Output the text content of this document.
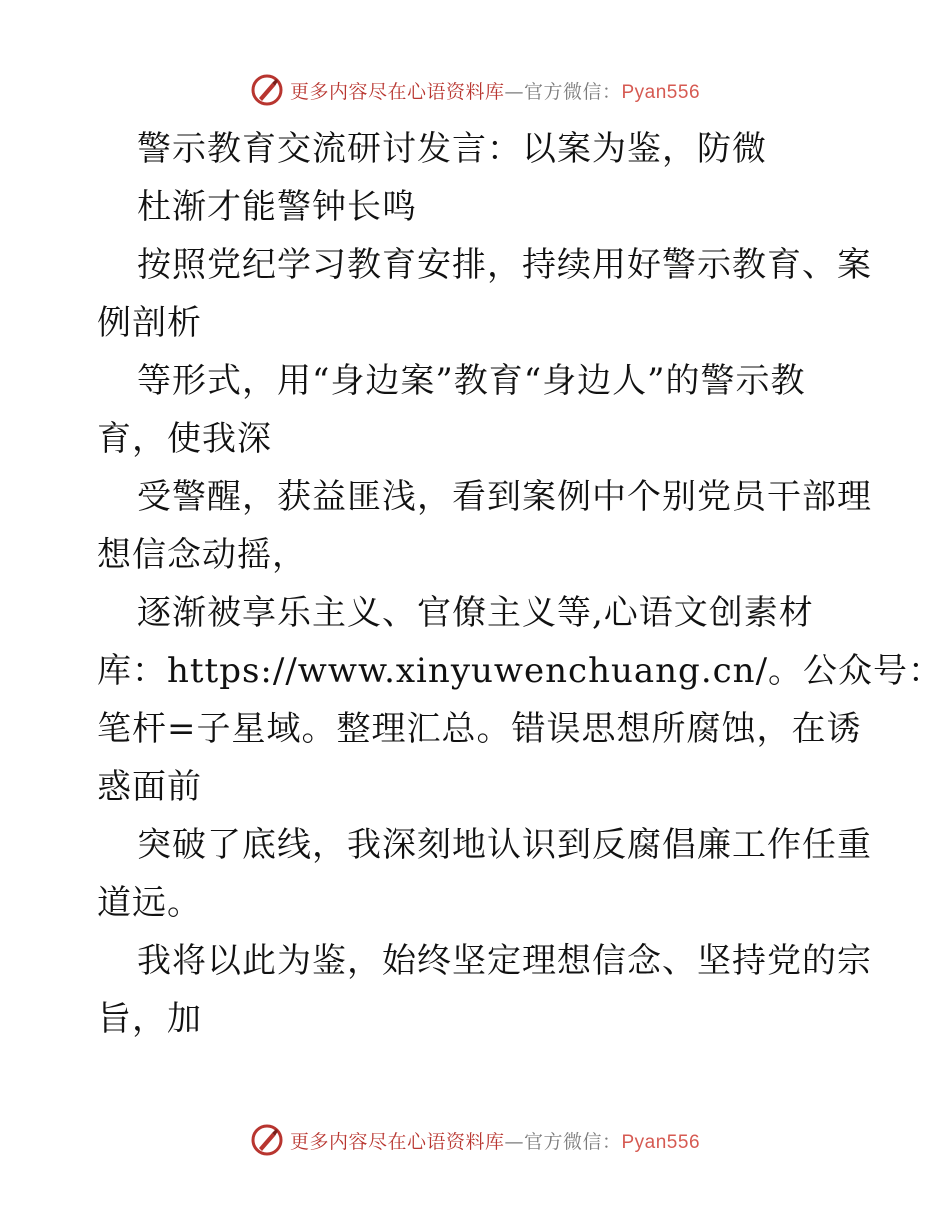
更多内容尽在心语资料库—官方微信：Pyan556
警示教育交流研讨发言：以案为鉴，防微
杜渐才能警钟长鸣
按照党纪学习教育安排，持续用好警示教育、案
例剖析
等形式，用“身边案”教育“身边人”的警示教
育，使我深
受警醒，获益匪浅，看到案例中个别党员干部理
想信念动摇，
逐渐被享乐主义、官僚主义等,心语文创素材
库：https://www.xinyuwenchuang.cn/。公众号：
笔杆=子星域。整理汇总。错误思想所腐蚀，在诱
惑面前
突破了底线，我深刻地认识到反腐倡廉工作任重
道远。
我将以此为鉴，始终坚定理想信念、坚持党的宗
旨，加
更多内容尽在心语资料库—官方微信：Pyan556
